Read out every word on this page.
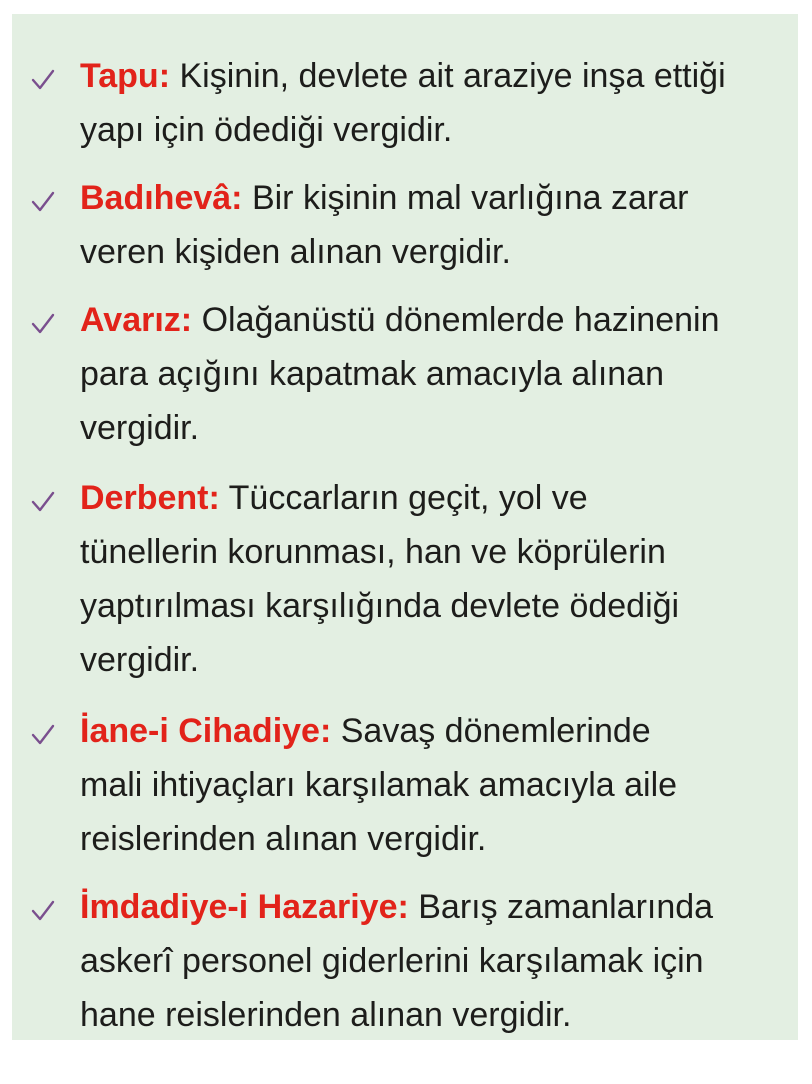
Tapu: Kişinin, devlete ait araziye inşa ettiği
yapı için ödediği vergidir.
Badıhevâ: Bir kişinin mal varlığına zarar
veren kişiden alınan vergidir.
Avarız: Olağanüstü dönemlerde hazinenin
para açığını kapatmak amacıyla alınan
vergidir.
Derbent: Tüccarların geçit, yol ve
tünellerin korunması, han ve köprülerin
yaptırılması karşılığında devlete ödediği
vergidir.
İane-i Cihadiye: Savaş dönemlerinde
mali ihtiyaçları karşılamak amacıyla aile
reislerinden alınan vergidir.
İmdadiye-i Hazariye: Barış zamanlarında
askerî personel giderlerini karşılamak için
hane reislerinden alınan vergidir.
